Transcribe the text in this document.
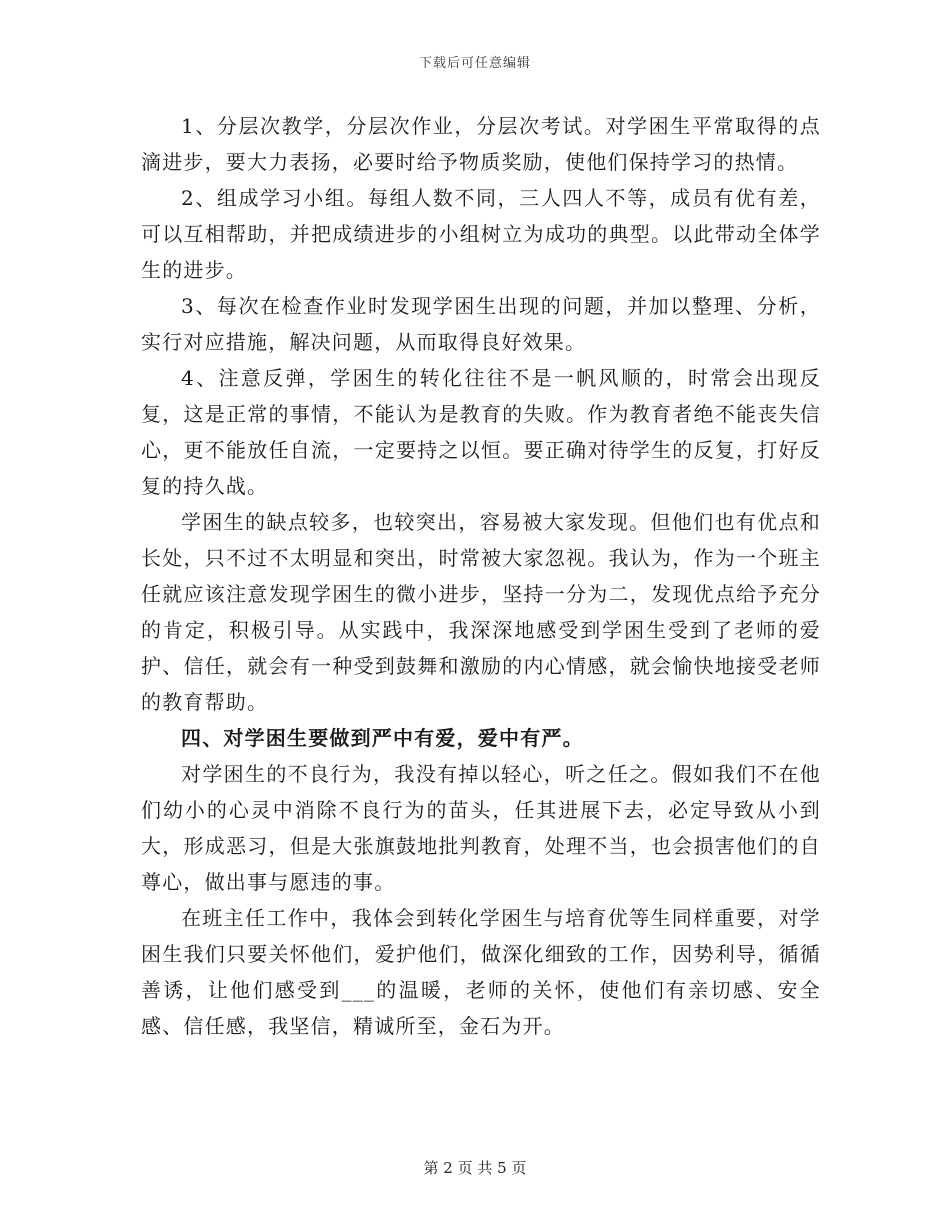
下载后可任意编辑

1、分层次教学，分层次作业，分层次考试。对学困生平常取得的点滴进步，要大力表扬，必要时给予物质奖励，使他们保持学习的热情。

2、组成学习小组。每组人数不同，三人四人不等，成员有优有差，可以互相帮助，并把成绩进步的小组树立为成功的典型。以此带动全体学生的进步。

3、每次在检查作业时发现学困生出现的问题，并加以整理、分析，实行对应措施，解决问题，从而取得良好效果。

4、注意反弹，学困生的转化往往不是一帆风顺的，时常会出现反复，这是正常的事情，不能认为是教育的失败。作为教育者绝不能丧失信心，更不能放任自流，一定要持之以恒。要正确对待学生的反复，打好反复的持久战。

学困生的缺点较多，也较突出，容易被大家发现。但他们也有优点和长处，只不过不太明显和突出，时常被大家忽视。我认为，作为一个班主任就应该注意发现学困生的微小进步，坚持一分为二，发现优点给予充分的肯定，积极引导。从实践中，我深深地感受到学困生受到了老师的爱护、信任，就会有一种受到鼓舞和激励的内心情感，就会愉快地接受老师的教育帮助。

四、对学困生要做到严中有爱，爱中有严。

对学困生的不良行为，我没有掉以轻心，听之任之。假如我们不在他们幼小的心灵中消除不良行为的苗头，任其进展下去，必定导致从小到大，形成恶习，但是大张旗鼓地批判教育，处理不当，也会损害他们的自尊心，做出事与愿违的事。

在班主任工作中，我体会到转化学困生与培育优等生同样重要，对学困生我们只要关怀他们，爱护他们，做深化细致的工作，因势利导，循循善诱，让他们感受到___的温暖，老师的关怀，使他们有亲切感、安全感、信任感，我坚信，精诚所至，金石为开。

第 2 页 共 5 页
